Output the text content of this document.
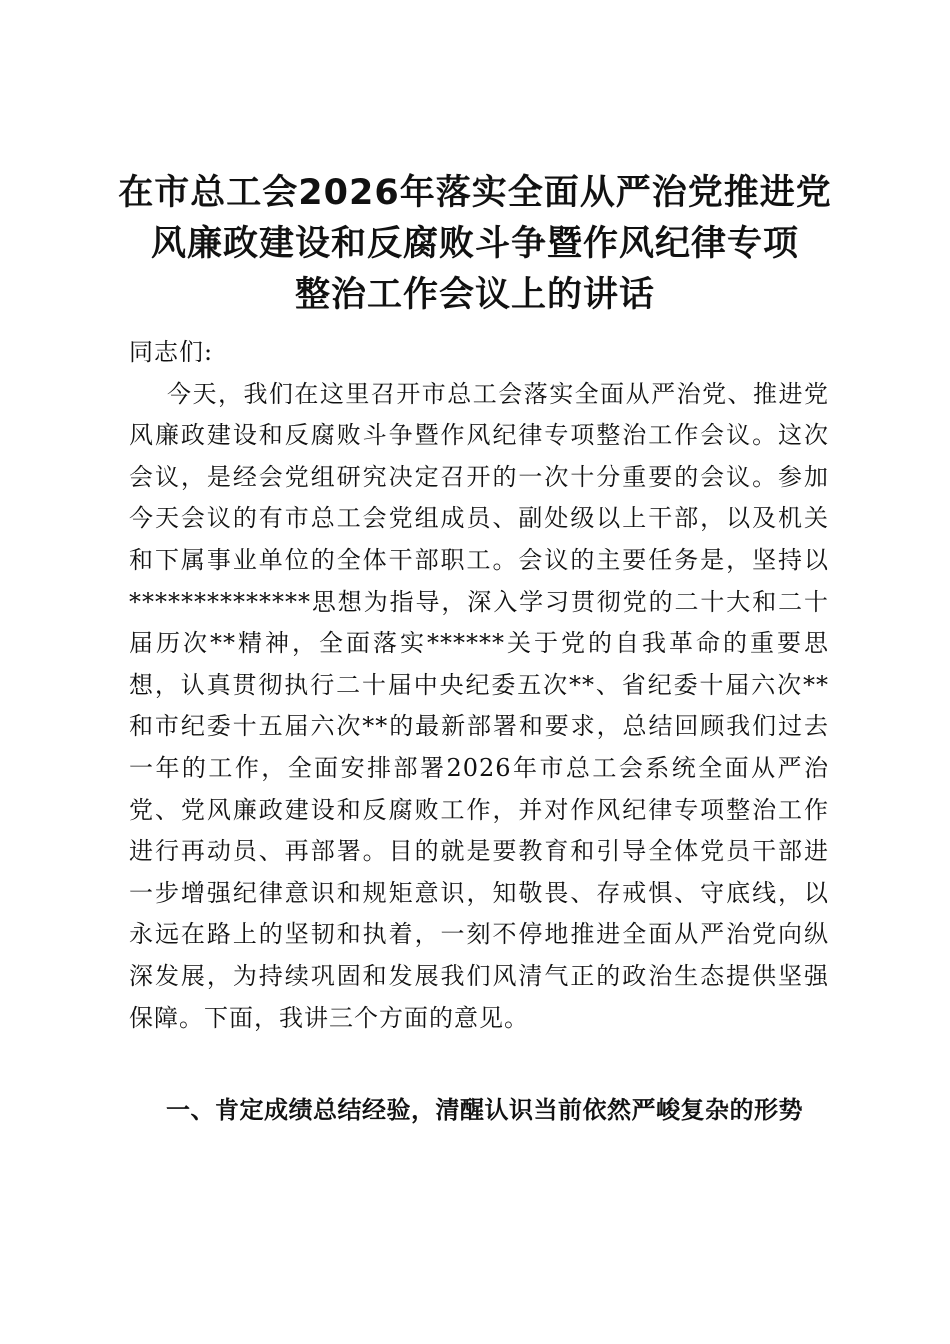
在市总工会2026年落实全面从严治党推进党
风廉政建设和反腐败斗争暨作风纪律专项
整治工作会议上的讲话
同志们:
今天，我们在这里召开市总工会落实全面从严治党、推进党
风廉政建设和反腐败斗争暨作风纪律专项整治工作会议。这次
会议，是经会党组研究决定召开的一次十分重要的会议。参加
今天会议的有市总工会党组成员、副处级以上干部，以及机关
和下属事业单位的全体干部职工。会议的主要任务是，坚持以
**************思想为指导，深入学习贯彻党的二十大和二十
届历次**精神，全面落实******关于党的自我革命的重要思
想，认真贯彻执行二十届中央纪委五次**、省纪委十届六次**
和市纪委十五届六次**的最新部署和要求，总结回顾我们过去
一年的工作，全面安排部署2026年市总工会系统全面从严治
党、党风廉政建设和反腐败工作，并对作风纪律专项整治工作
进行再动员、再部署。目的就是要教育和引导全体党员干部进
一步增强纪律意识和规矩意识，知敬畏、存戒惧、守底线，以
永远在路上的坚韧和执着，一刻不停地推进全面从严治党向纵
深发展，为持续巩固和发展我们风清气正的政治生态提供坚强
保障。下面，我讲三个方面的意见。
一、肯定成绩总结经验，清醒认识当前依然严峻复杂的形势
